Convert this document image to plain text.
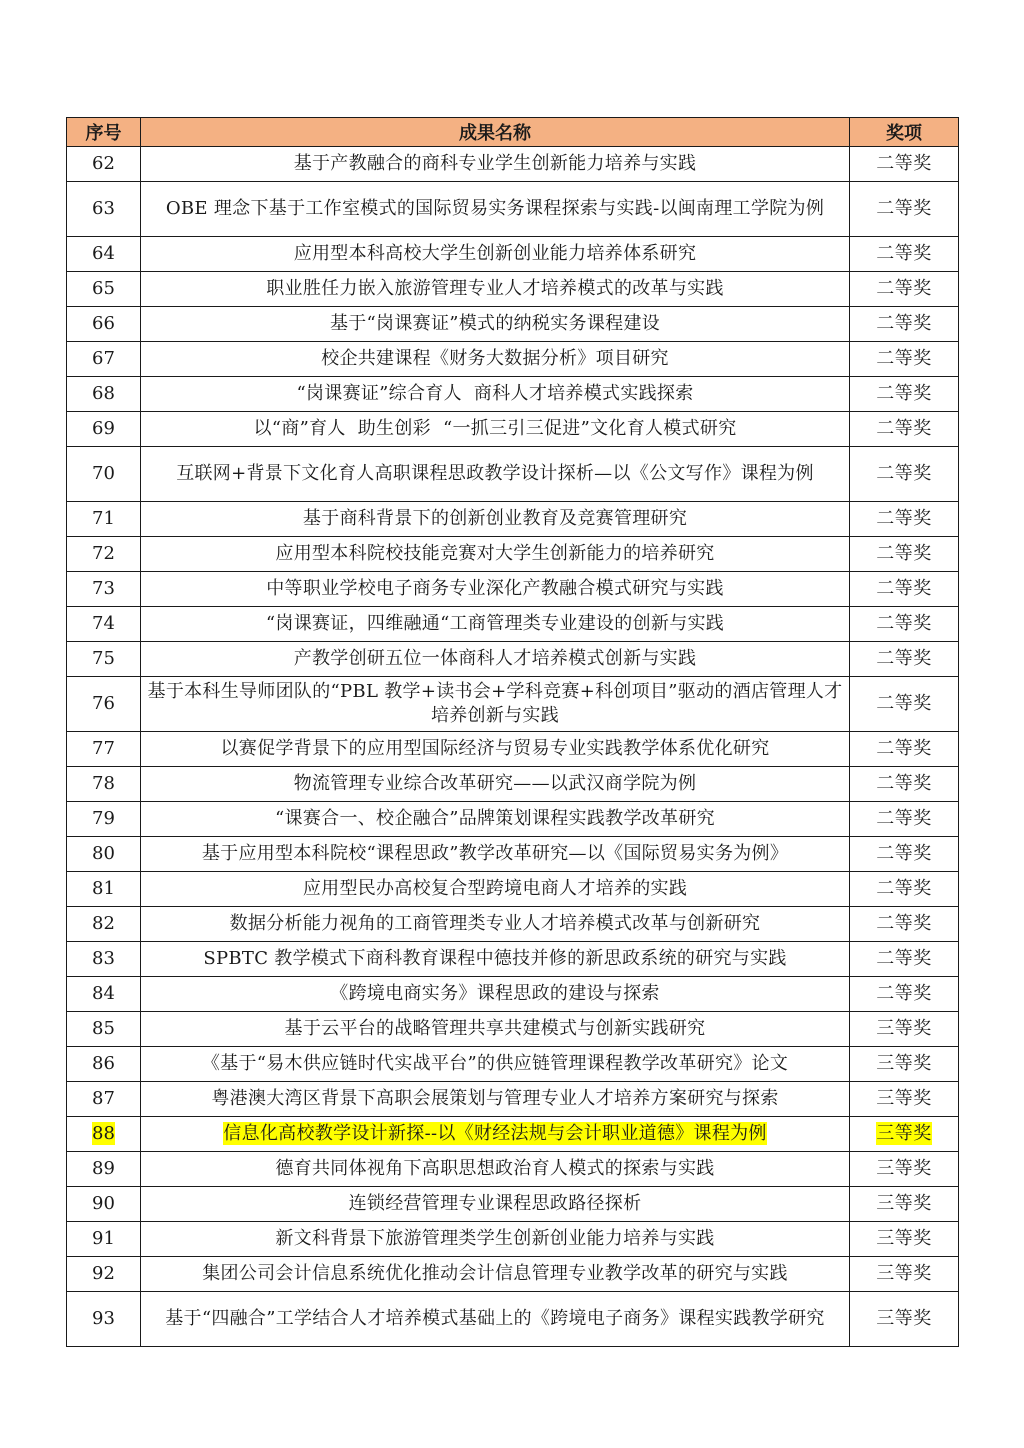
序号	成果名称	奖项
62	基于产教融合的商科专业学生创新能力培养与实践	二等奖
63	OBE 理念下基于工作室模式的国际贸易实务课程探索与实践-以闽南理工学院为例	二等奖
64	应用型本科高校大学生创新创业能力培养体系研究	二等奖
65	职业胜任力嵌入旅游管理专业人才培养模式的改革与实践	二等奖
66	基于“岗课赛证”模式的纳税实务课程建设	二等奖
67	校企共建课程《财务大数据分析》项目研究	二等奖
68	“岗课赛证”综合育人  商科人才培养模式实践探索	二等奖
69	以“商”育人  助生创彩  “一抓三引三促进”文化育人模式研究	二等奖
70	互联网+背景下文化育人高职课程思政教学设计探析—以《公文写作》课程为例	二等奖
71	基于商科背景下的创新创业教育及竞赛管理研究	二等奖
72	应用型本科院校技能竞赛对大学生创新能力的培养研究	二等奖
73	中等职业学校电子商务专业深化产教融合模式研究与实践	二等奖
74	“岗课赛证，四维融通“工商管理类专业建设的创新与实践	二等奖
75	产教学创研五位一体商科人才培养模式创新与实践	二等奖
76	基于本科生导师团队的“PBL 教学+读书会+学科竞赛+科创项目”驱动的酒店管理人才培养创新与实践	二等奖
77	以赛促学背景下的应用型国际经济与贸易专业实践教学体系优化研究	二等奖
78	物流管理专业综合改革研究——以武汉商学院为例	二等奖
79	“课赛合一、校企融合”品牌策划课程实践教学改革研究	二等奖
80	基于应用型本科院校“课程思政”教学改革研究—以《国际贸易实务为例》	二等奖
81	应用型民办高校复合型跨境电商人才培养的实践	二等奖
82	数据分析能力视角的工商管理类专业人才培养模式改革与创新研究	二等奖
83	SPBTC 教学模式下商科教育课程中德技并修的新思政系统的研究与实践	二等奖
84	《跨境电商实务》课程思政的建设与探索	二等奖
85	基于云平台的战略管理共享共建模式与创新实践研究	三等奖
86	《基于“易木供应链时代实战平台”的供应链管理课程教学改革研究》论文	三等奖
87	粤港澳大湾区背景下高职会展策划与管理专业人才培养方案研究与探索	三等奖
88	信息化高校教学设计新探--以《财经法规与会计职业道德》课程为例	三等奖
89	德育共同体视角下高职思想政治育人模式的探索与实践	三等奖
90	连锁经营管理专业课程思政路径探析	三等奖
91	新文科背景下旅游管理类学生创新创业能力培养与实践	三等奖
92	集团公司会计信息系统优化推动会计信息管理专业教学改革的研究与实践	三等奖
93	基于“四融合”工学结合人才培养模式基础上的《跨境电子商务》课程实践教学研究	三等奖
